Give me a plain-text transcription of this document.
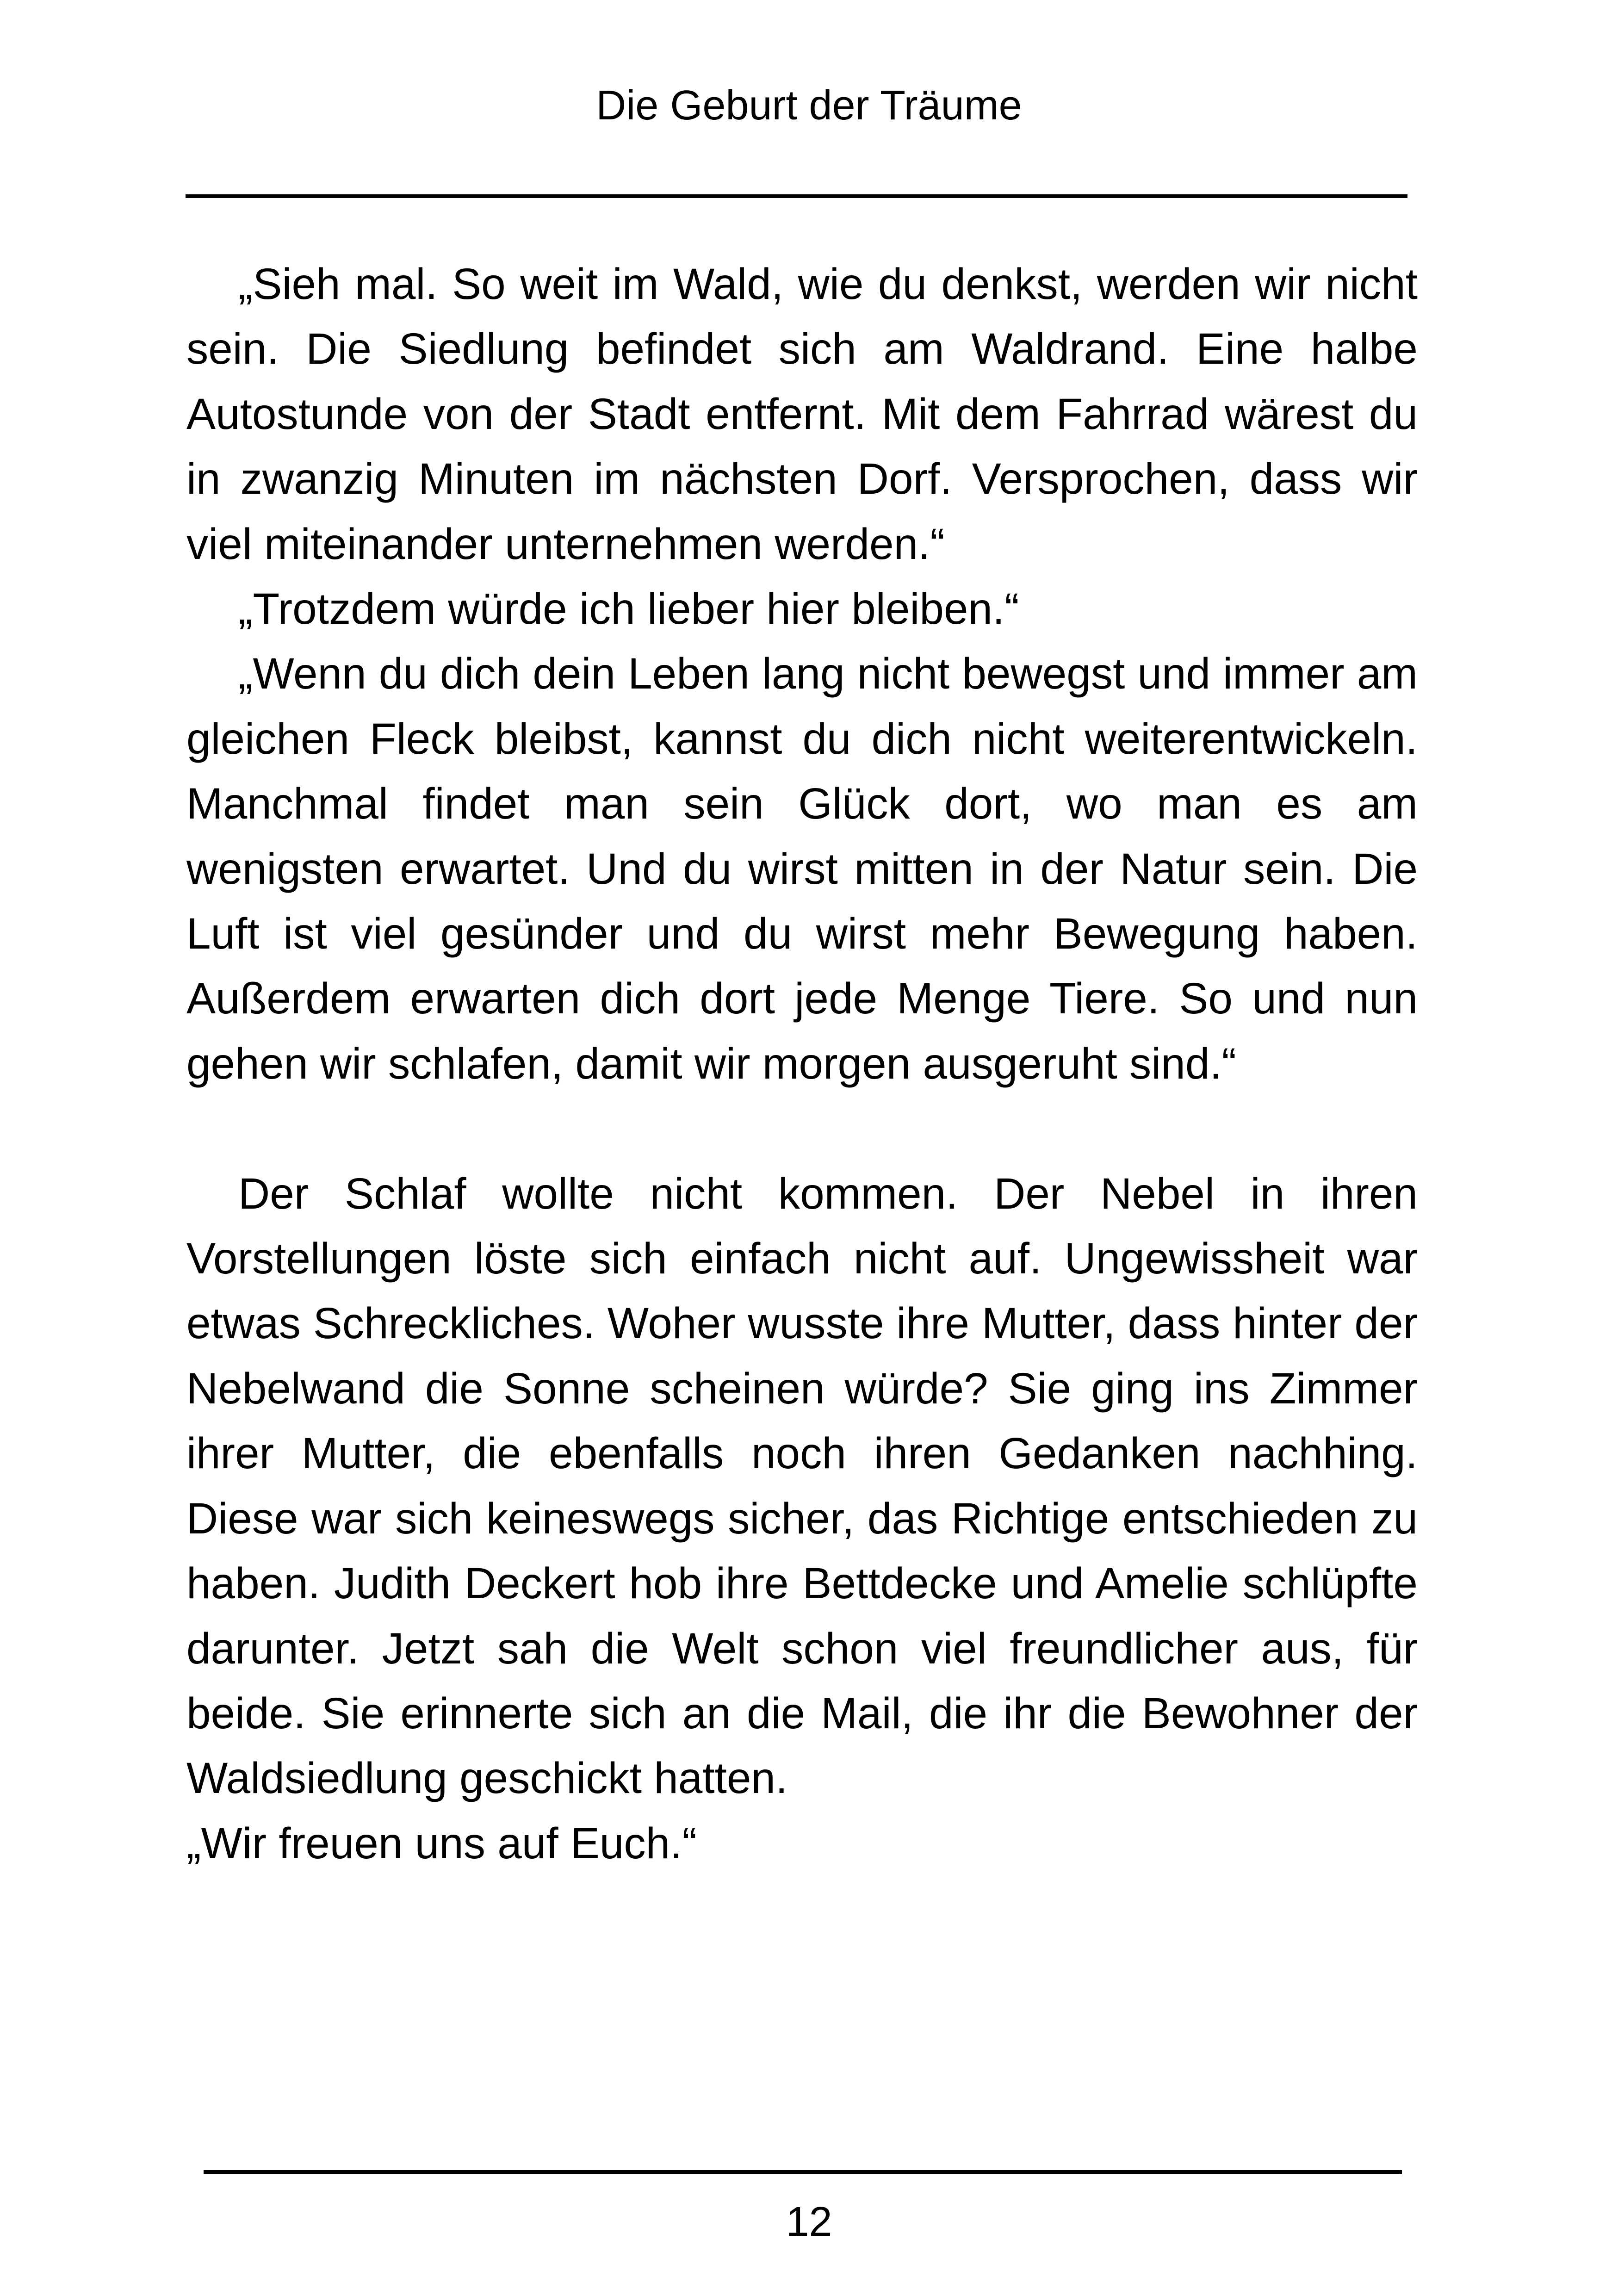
Die Geburt der Träume

„Sieh mal. So weit im Wald, wie du denkst, werden wir nicht sein. Die Siedlung befindet sich am Waldrand. Eine halbe Autostunde von der Stadt entfernt. Mit dem Fahrrad wärest du in zwanzig Minuten im nächsten Dorf. Versprochen, dass wir viel miteinander unternehmen werden.“

„Trotzdem würde ich lieber hier bleiben.“

„Wenn du dich dein Leben lang nicht bewegst und immer am gleichen Fleck bleibst, kannst du dich nicht weiterentwickeln. Manchmal findet man sein Glück dort, wo man es am wenigsten erwartet. Und du wirst mitten in der Natur sein. Die Luft ist viel gesünder und du wirst mehr Bewegung haben. Außerdem erwarten dich dort jede Menge Tiere. So und nun gehen wir schlafen, damit wir morgen ausgeruht sind.“

Der Schlaf wollte nicht kommen. Der Nebel in ihren Vorstellungen löste sich einfach nicht auf. Ungewissheit war etwas Schreckliches. Woher wusste ihre Mutter, dass hinter der Nebelwand die Sonne scheinen würde? Sie ging ins Zimmer ihrer Mutter, die ebenfalls noch ihren Gedanken nachhing. Diese war sich keineswegs sicher, das Richtige entschieden zu haben. Judith Deckert hob ihre Bettdecke und Amelie schlüpfte darunter. Jetzt sah die Welt schon viel freundlicher aus, für beide. Sie erinnerte sich an die Mail, die ihr die Bewohner der Waldsiedlung geschickt hatten.

„Wir freuen uns auf Euch.“

12
